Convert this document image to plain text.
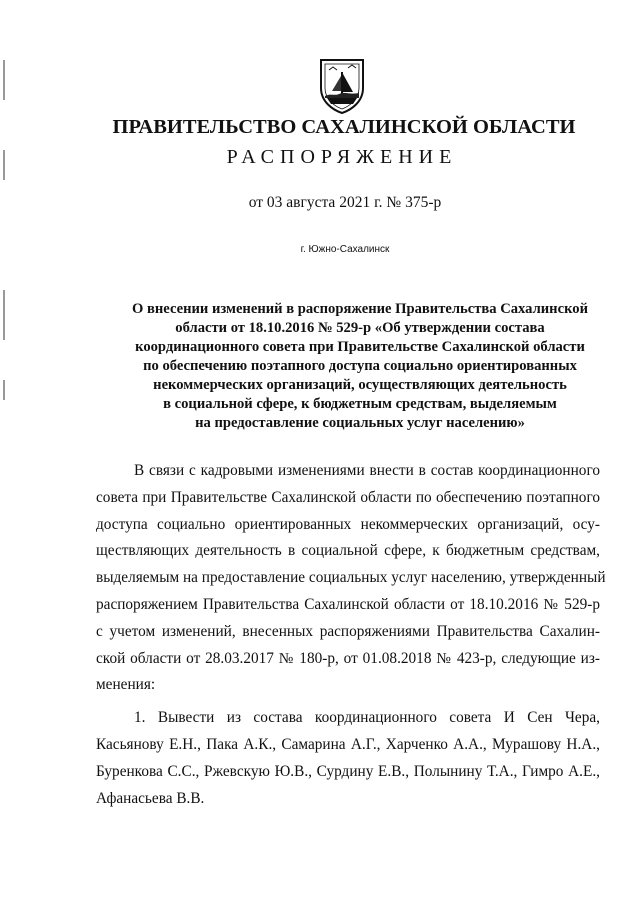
ПРАВИТЕЛЬСТВО САХАЛИНСКОЙ ОБЛАСТИ
РАСПОРЯЖЕНИЕ
от 03 августа 2021 г. № 375-р
г. Южно-Сахалинск
О внесении изменений в распоряжение Правительства Сахалинской
области от 18.10.2016 № 529-р «Об утверждении состава
координационного совета при Правительстве Сахалинской области
по обеспечению поэтапного доступа социально ориентированных
некоммерческих организаций, осуществляющих деятельность
в социальной сфере, к бюджетным средствам, выделяемым
на предоставление социальных услуг населению»
В связи с кадровыми изменениями внести в состав координационного
совета при Правительстве Сахалинской области по обеспечению поэтапного
доступа социально ориентированных некоммерческих организаций, осу-
ществляющих деятельность в социальной сфере, к бюджетным средствам,
выделяемым на предоставление социальных услуг населению, утвержденный
распоряжением Правительства Сахалинской области от 18.10.2016 № 529-р
с учетом изменений, внесенных распоряжениями Правительства Сахалин-
ской области от 28.03.2017 № 180-р, от 01.08.2018 № 423-р, следующие из-
менения:
1. Вывести из состава координационного совета И Сен Чера,
Касьянову Е.Н., Пака А.К., Самарина А.Г., Харченко А.А., Мурашову Н.А.,
Буренкова С.С., Ржевскую Ю.В., Сурдину Е.В., Полынину Т.А., Гимро А.Е.,
Афанасьева В.В.
